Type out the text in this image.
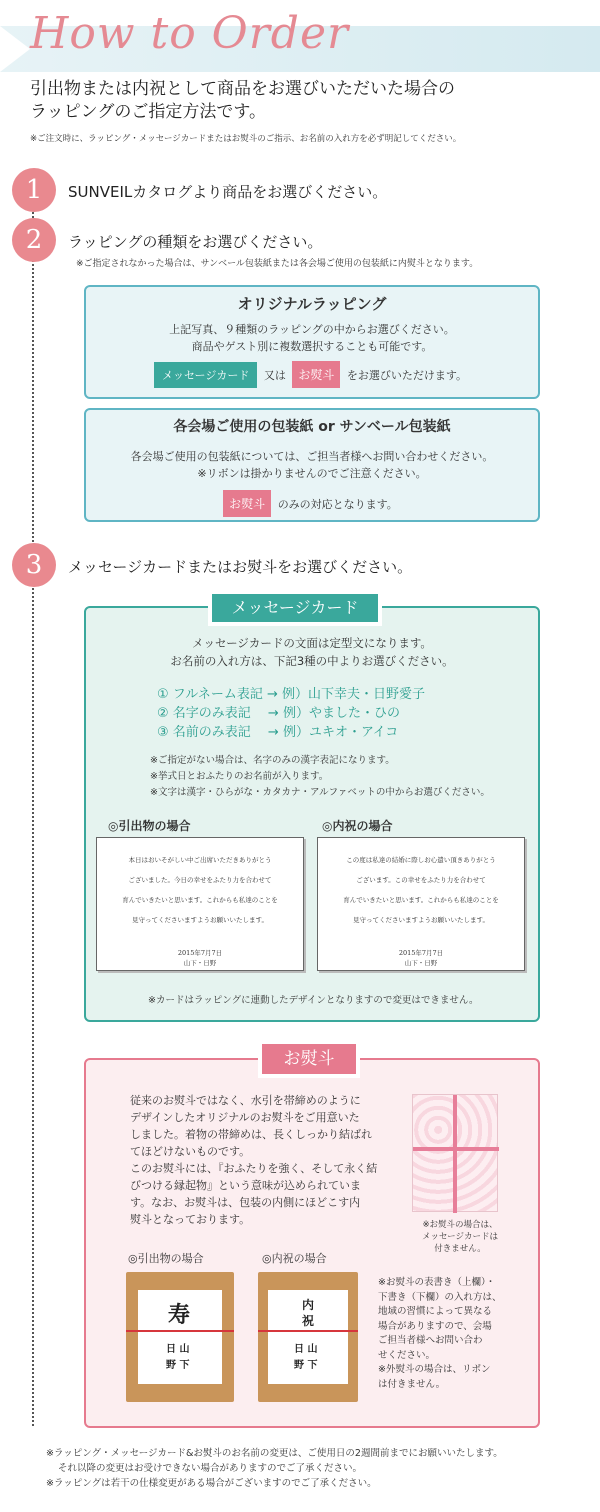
How to Order
引出物または内祝として商品をお選びいただいた場合の
ラッピングのご指定方法です。
※ご注文時に、ラッピング・メッセージカードまたはお熨斗のご指示、お名前の入れ方を必ず明記してください。
1	SUNVEILカタログより商品をお選びください。
2	ラッピングの種類をお選びください。
※ご指定されなかった場合は、サンベール包装紙または各会場ご使用の包装紙に内熨斗となります。
オリジナルラッピング
上記写真、９種類のラッピングの中からお選びください。
商品やゲスト別に複数選択することも可能です。
メッセージカード 又は お熨斗 をお選びいただけます。
各会場ご使用の包装紙 or サンベール包装紙
各会場ご使用の包装紙については、ご担当者様へお問い合わせください。
※リボンは掛かりませんのでご注意ください。
お熨斗 のみの対応となります。
3	メッセージカードまたはお熨斗をお選びください。
メッセージカード
メッセージカードの文面は定型文になります。
お名前の入れ方は、下記3種の中よりお選びください。
① フルネーム表記 → 例）山下幸夫・日野愛子
② 名字のみ表記　 → 例）やました・ひの
③ 名前のみ表記　 → 例）ユキオ・アイコ
※ご指定がない場合は、名字のみの漢字表記になります。
※挙式日とおふたりのお名前が入ります。
※文字は漢字・ひらがな・カタカナ・アルファベットの中からお選びください。
◎引出物の場合	◎内祝の場合
本日はおいそがしい中ご出席いただきありがとう
ございました。今日の幸せをふたり力を合わせて
育んでいきたいと思います。これからも私達のことを
見守ってくださいますようお願いいたします。
2015年7月7日
山下・日野
この度は私達の結婚に際しお心遣い頂きありがとう
ございます。この幸せをふたり力を合わせて
育んでいきたいと思います。これからも私達のことを
見守ってくださいますようお願いいたします。
2015年7月7日
山下・日野
※カードはラッピングに連動したデザインとなりますので変更はできません。
お熨斗
従来のお熨斗ではなく、水引を帯締めのように
デザインしたオリジナルのお熨斗をご用意いた
しました。着物の帯締めは、長くしっかり結ばれ
てほどけないものです。
このお熨斗には、『おふたりを強く、そして永く結
びつける縁起物』という意味が込められていま
す。なお、お熨斗は、包装の内側にほどこす内
熨斗となっております。	※お熨斗の場合は、
メッセージカードは
付きません。
◎引出物の場合	◎内祝の場合
寿
日 山
野 下
内
祝
日 山
野 下
※お熨斗の表書き（上欄）・
下書き（下欄）の入れ方は、
地域の習慣によって異なる
場合がありますので、会場
ご担当者様へお問い合わ
せください。
※外熨斗の場合は、リボン
は付きません。
※ラッピング・メッセージカード&お熨斗のお名前の変更は、ご使用日の2週間前までにお願いいたします。
それ以降の変更はお受けできない場合がありますのでご了承ください。
※ラッピングは若干の仕様変更がある場合がございますのでご了承ください。
